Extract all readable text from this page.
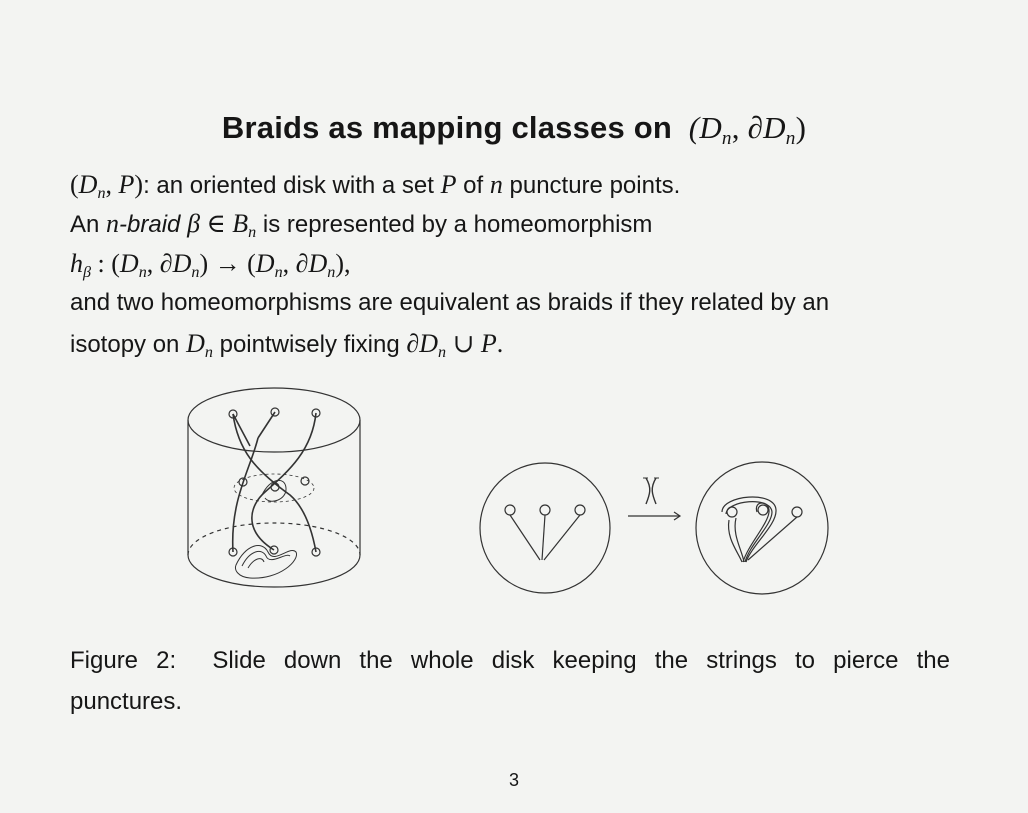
Braids as mapping classes on  ($D_n$, $\partial D_n$)
($D_n$, P): an oriented disk with a set P of n puncture points.
An n-braid β ∈ $B_n$ is represented by a homeomorphism
$h_\beta$ : ($D_n$, $\partial D_n) \to (D_n$, $\partial D_n$),
and two homeomorphisms are equivalent as braids if they related by an
isotopy on $D_n$ pointwisely fixing $\partial D_n$ ∪ P.
Figure 2: Slide down the whole disk keeping the strings to pierce the
punctures.
3
